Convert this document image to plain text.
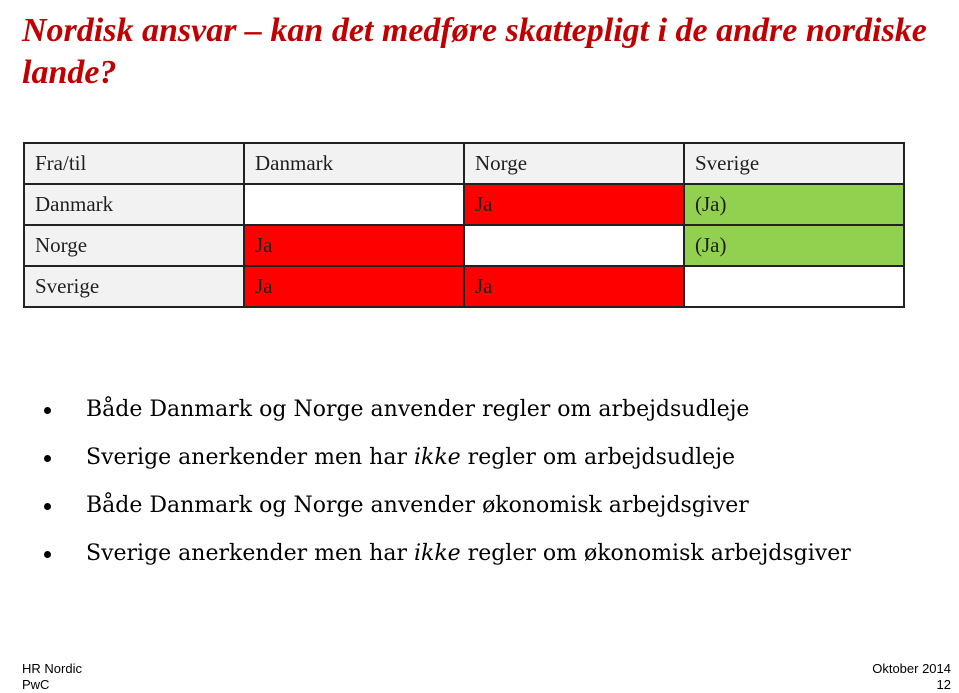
Nordisk ansvar – kan det medføre skattepligt i de andre nordiske lande?
Fra/til	Danmark	Norge	Sverige
Danmark		Ja	(Ja)
Norge	Ja		(Ja)
Sverige	Ja	Ja	
Både Danmark og Norge anvender regler om arbejdsudleje
Sverige anerkender men har ikke regler om arbejdsudleje
Både Danmark og Norge anvender økonomisk arbejdsgiver
Sverige anerkender men har ikke regler om økonomisk arbejdsgiver
HR Nordic
PwC
Oktober 2014
12
